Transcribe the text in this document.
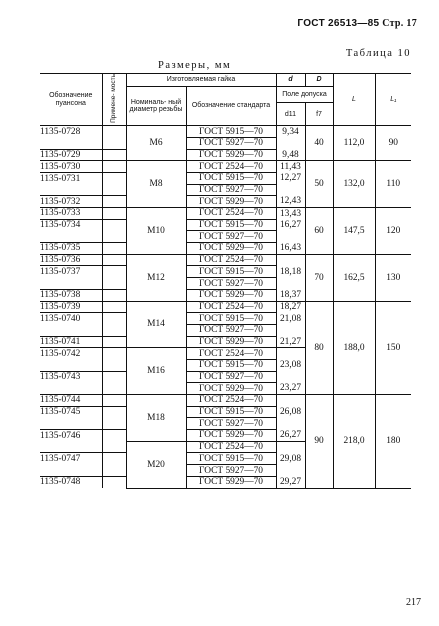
ГОСТ 26513—85 Стр. 17
Таблица 10
Размеры, мм
Обозначение пуансона	Примене- мость	Изготовляемая гайка		d	D	L	L₁
		Номиналь- ный диаметр резьбы	Обозначение стандарта	Поле допуска			
				d11	f7		
1135-0728		M6	ГОСТ 5915—70	9,34	40	112,0	90
			ГОСТ 5927—70				
1135-0729			ГОСТ 5929—70	9,48			
1135-0730		M8	ГОСТ 2524—70	11,43	50	132,0	110
1135-0731			ГОСТ 5915—70	12,27			
			ГОСТ 5927—70				
1135-0732			ГОСТ 5929—70	12,43			
1135-0733		M10	ГОСТ 2524—70	13,43	60	147,5	120
1135-0734			ГОСТ 5915—70	16,27			
			ГОСТ 5927—70				
1135-0735			ГОСТ 5929—70	16,43			
1135-0736		M12	ГОСТ 2524—70		70	162,5	130
1135-0737			ГОСТ 5915—70	18,18			
			ГОСТ 5927—70				
1135-0738			ГОСТ 5929—70	18,37			
1135-0739		M14	ГОСТ 2524—70	18,27	80	188,0	150
1135-0740			ГОСТ 5915—70	21,08			
			ГОСТ 5927—70				
1135-0741			ГОСТ 5929—70	21,27			
1135-0742		M16	ГОСТ 2524—70				
			ГОСТ 5915—70	23,08			
1135-0743			ГОСТ 5927—70				
			ГОСТ 5929—70	23,27			
1135-0744		M18	ГОСТ 2524—70		90	218,0	180
1135-0745			ГОСТ 5915—70	26,08			
			ГОСТ 5927—70				
1135-0746			ГОСТ 5929—70	26,27			
		M20	ГОСТ 2524—70				
1135-0747			ГОСТ 5915—70	29,08			
			ГОСТ 5927—70				
1135-0748			ГОСТ 5929—70	29,27			
217
